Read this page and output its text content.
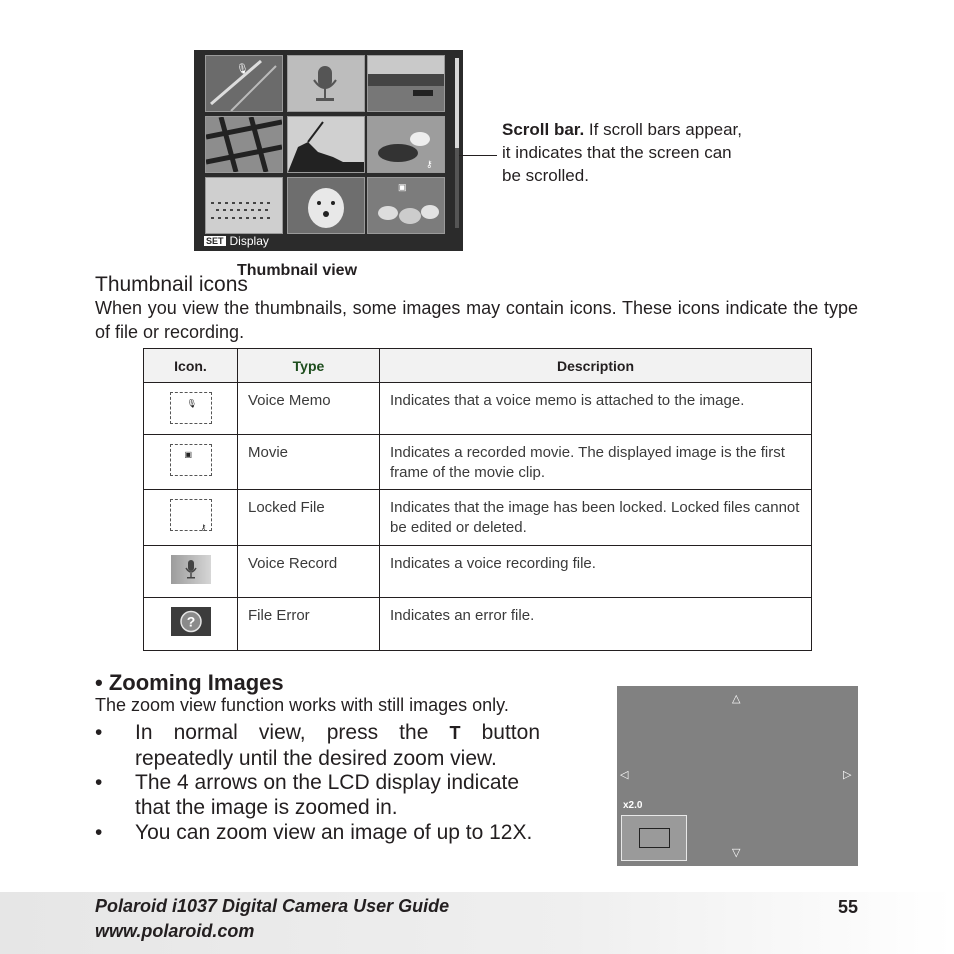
🎙
⚷
▣
SET Display
Scroll bar. If scroll bars appear, it indicates that the screen can be scrolled.
Thumbnail view
Thumbnail icons
When you view the thumbnails, some images may contain icons. These icons indicate the type of file or recording.
Icon.	Type	Description

🎙	Voice Memo	Indicates that a voice memo is attached to the image.

▣	Movie	Indicates a recorded movie. The displayed image is the first frame of the movie clip.

⚷	Locked File	Indicates that the image has been locked. Locked files cannot be edited or deleted.
	Voice Record	Indicates a voice recording file.

?	File Error	Indicates an error file.
• Zooming Images
The zoom view function works with still images only.
• In normal view, press the T button repeatedly until the desired zoom view.
• The 4 arrows on the LCD display indicate that the image is zoomed in.
• You can zoom view an image of up to 12X.
△
◁	▷
▽
x2.0
Polaroid i1037 Digital Camera User Guide
www.polaroid.com
55
